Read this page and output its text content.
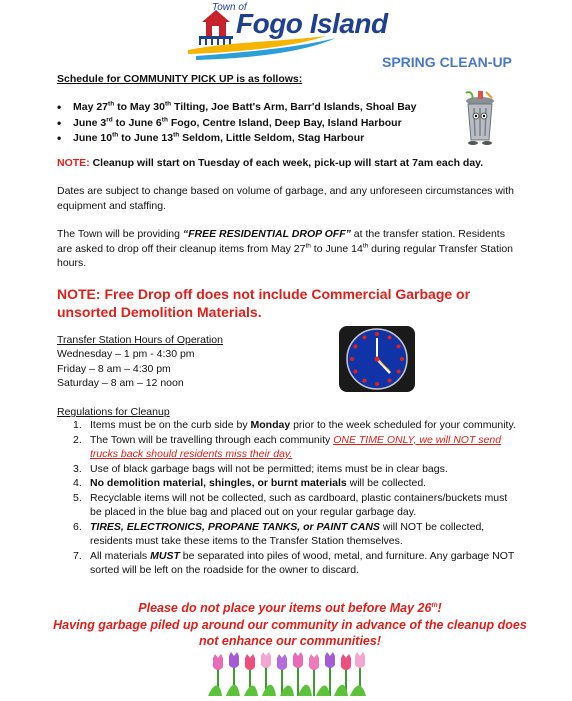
Town of
Fogo Island
SPRING CLEAN-UP
Schedule for COMMUNITY PICK UP is as follows:
• May 27th to May 30th Tilting, Joe Batt's Arm, Barr'd Islands, Shoal Bay
• June 3rd to June 6th Fogo, Centre Island, Deep Bay, Island Harbour
• June 10th to June 13th Seldom, Little Seldom, Stag Harbour
NOTE: Cleanup will start on Tuesday of each week, pick-up will start at 7am each day.
Dates are subject to change based on volume of garbage, and any unforeseen circumstances with equipment and staffing.
The Town will be providing “FREE RESIDENTIAL DROP OFF” at the transfer station. Residents are asked to drop off their cleanup items from May 27th to June 14th during regular Transfer Station hours.
NOTE: Free Drop off does not include Commercial Garbage or unsorted Demolition Materials.
Transfer Station Hours of Operation
Wednesday – 1 pm - 4:30 pm
Friday – 8 am – 4:30 pm
Saturday – 8 am – 12 noon
Regulations for Cleanup
1. Items must be on the curb side by Monday prior to the week scheduled for your community.
2. The Town will be travelling through each community ONE TIME ONLY, we will NOT send trucks back should residents miss their day.
3. Use of black garbage bags will not be permitted; items must be in clear bags.
4. No demolition material, shingles, or burnt materials will be collected.
5. Recyclable items will not be collected, such as cardboard, plastic containers/buckets must be placed in the blue bag and placed out on your regular garbage day.
6. TIRES, ELECTRONICS, PROPANE TANKS, or PAINT CANS will NOT be collected, residents must take these items to the Transfer Station themselves.
7. All materials MUST be separated into piles of wood, metal, and furniture. Any garbage NOT sorted will be left on the roadside for the owner to discard.
Please do not place your items out before May 26th!
Having garbage piled up around our community in advance of the cleanup does not enhance our communities!
